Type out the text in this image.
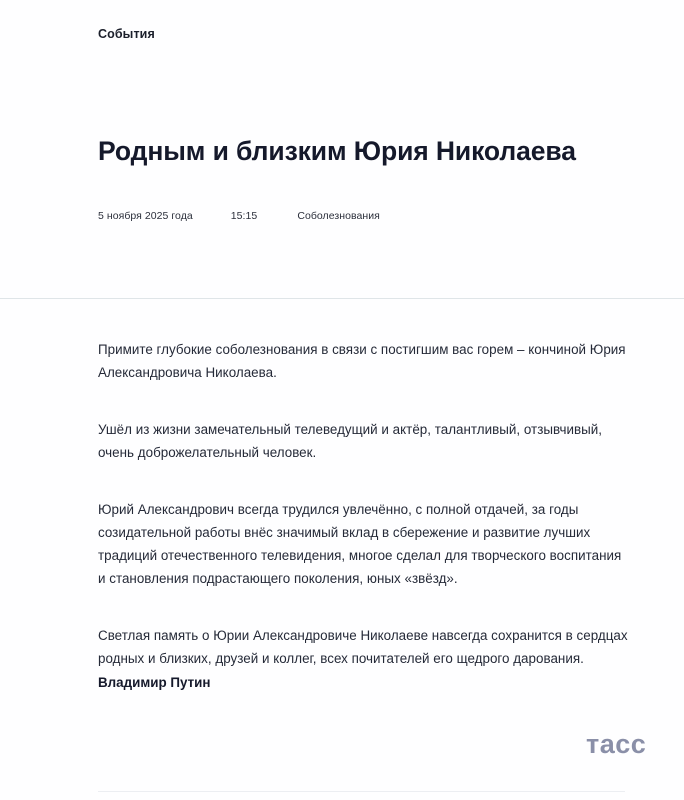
События
Родным и близким Юрия Николаева
5 ноября 2025 года	15:15	Соболезнования

Примите глубокие соболезнования в связи с постигшим вас горем – кончиной Юрия Александровича Николаева.

Ушёл из жизни замечательный телеведущий и актёр, талантливый, отзывчивый, очень доброжелательный человек.

Юрий Александрович всегда трудился увлечённо, с полной отдачей, за годы созидательной работы внёс значимый вклад в сбережение и развитие лучших традиций отечественного телевидения, многое сделал для творческого воспитания и становления подрастающего поколения, юных «звёзд».

Светлая память о Юрии Александровиче Николаеве навсегда сохранится в сердцах родных и близких, друзей и коллег, всех почитателей его щедрого дарования.

Владимир Путин
тасс
